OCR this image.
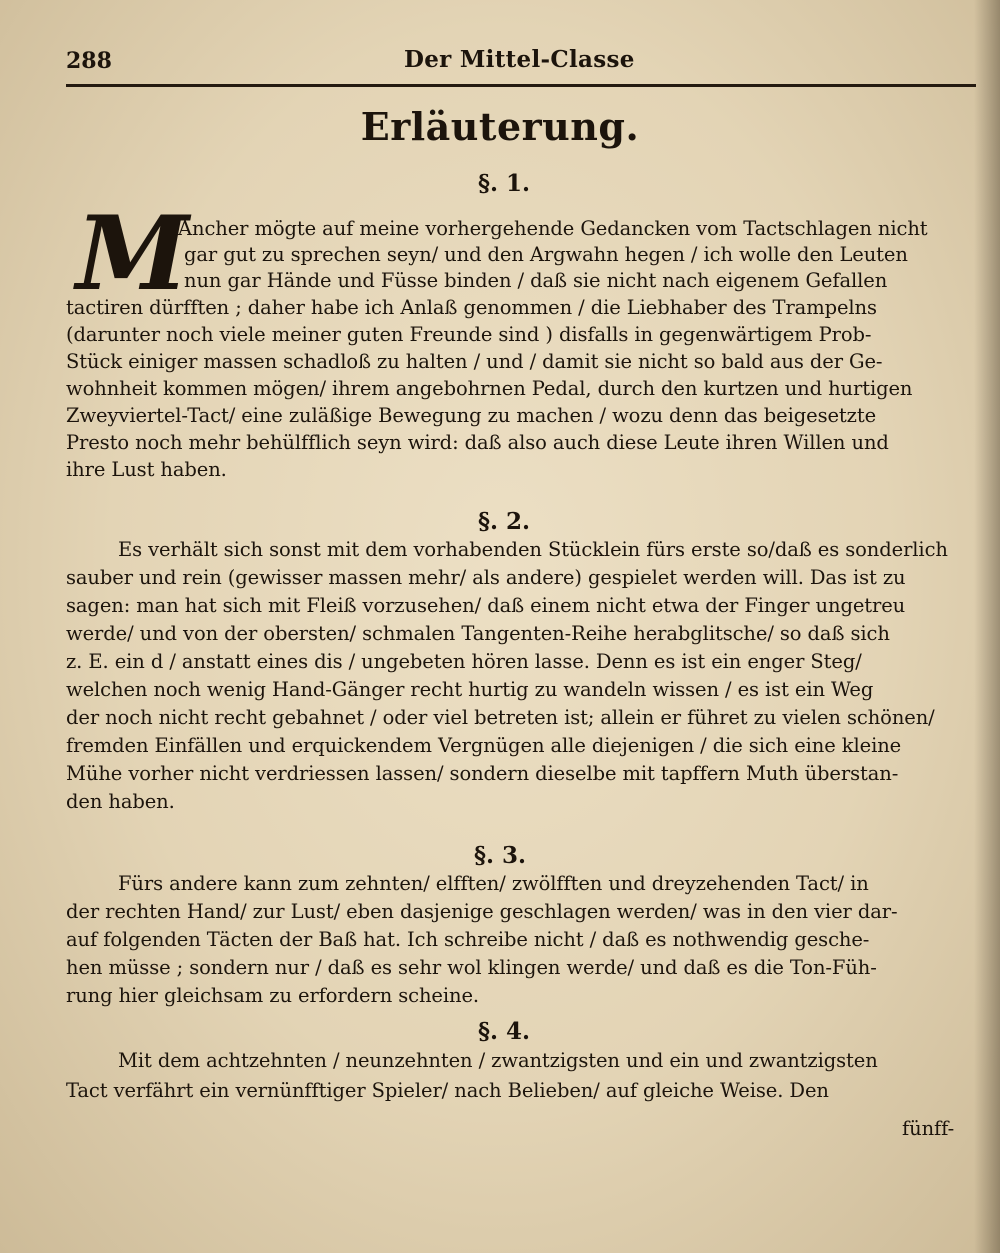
288	Der Mittel-Classe
Erläuterung.
§. 1.
M
Ancher mögte auf meine vorhergehende Gedancken vom Tactschlagen nicht
gar gut zu sprechen seyn/ und den Argwahn hegen / ich wolle den Leuten
nun gar Hände und Füsse binden / daß sie nicht nach eigenem Gefallen
tactiren dürfften ; daher habe ich Anlaß genommen / die Liebhaber des Trampelns
(darunter noch viele meiner guten Freunde sind ) disfalls in gegenwärtigem Prob-
Stück einiger massen schadloß zu halten / und / damit sie nicht so bald aus der Ge-
wohnheit kommen mögen/ ihrem angebohrnen Pedal, durch den kurtzen und hurtigen
Zweyviertel-Tact/ eine zuläßige Bewegung zu machen / wozu denn das beigesetzte
Presto noch mehr behülfflich seyn wird: daß also auch diese Leute ihren Willen und
ihre Lust haben.
§. 2.
Es verhält sich sonst mit dem vorhabenden Stücklein fürs erste so/daß es sonderlich
sauber und rein (gewisser massen mehr/ als andere) gespielet werden will. Das ist zu
sagen: man hat sich mit Fleiß vorzusehen/ daß einem nicht etwa der Finger ungetreu
werde/ und von der obersten/ schmalen Tangenten-Reihe herabglitsche/ so daß sich
z. E. ein d / anstatt eines dis / ungebeten hören lasse. Denn es ist ein enger Steg/
welchen noch wenig Hand-Gänger recht hurtig zu wandeln wissen / es ist ein Weg
der noch nicht recht gebahnet / oder viel betreten ist; allein er führet zu vielen schönen/
fremden Einfällen und erquickendem Vergnügen alle diejenigen / die sich eine kleine
Mühe vorher nicht verdriessen lassen/ sondern dieselbe mit tapffern Muth überstan-
den haben.
§. 3.
Fürs andere kann zum zehnten/ elfften/ zwölfften und dreyzehenden Tact/ in
der rechten Hand/ zur Lust/ eben dasjenige geschlagen werden/ was in den vier dar-
auf folgenden Täcten der Baß hat. Ich schreibe nicht / daß es nothwendig gesche-
hen müsse ; sondern nur / daß es sehr wol klingen werde/ und daß es die Ton-Füh-
rung hier gleichsam zu erfordern scheine.
§. 4.
Mit dem achtzehnten / neunzehnten / zwantzigsten und ein und zwantzigsten
Tact verfährt ein vernünfftiger Spieler/ nach Belieben/ auf gleiche Weise. Den
fünff-
